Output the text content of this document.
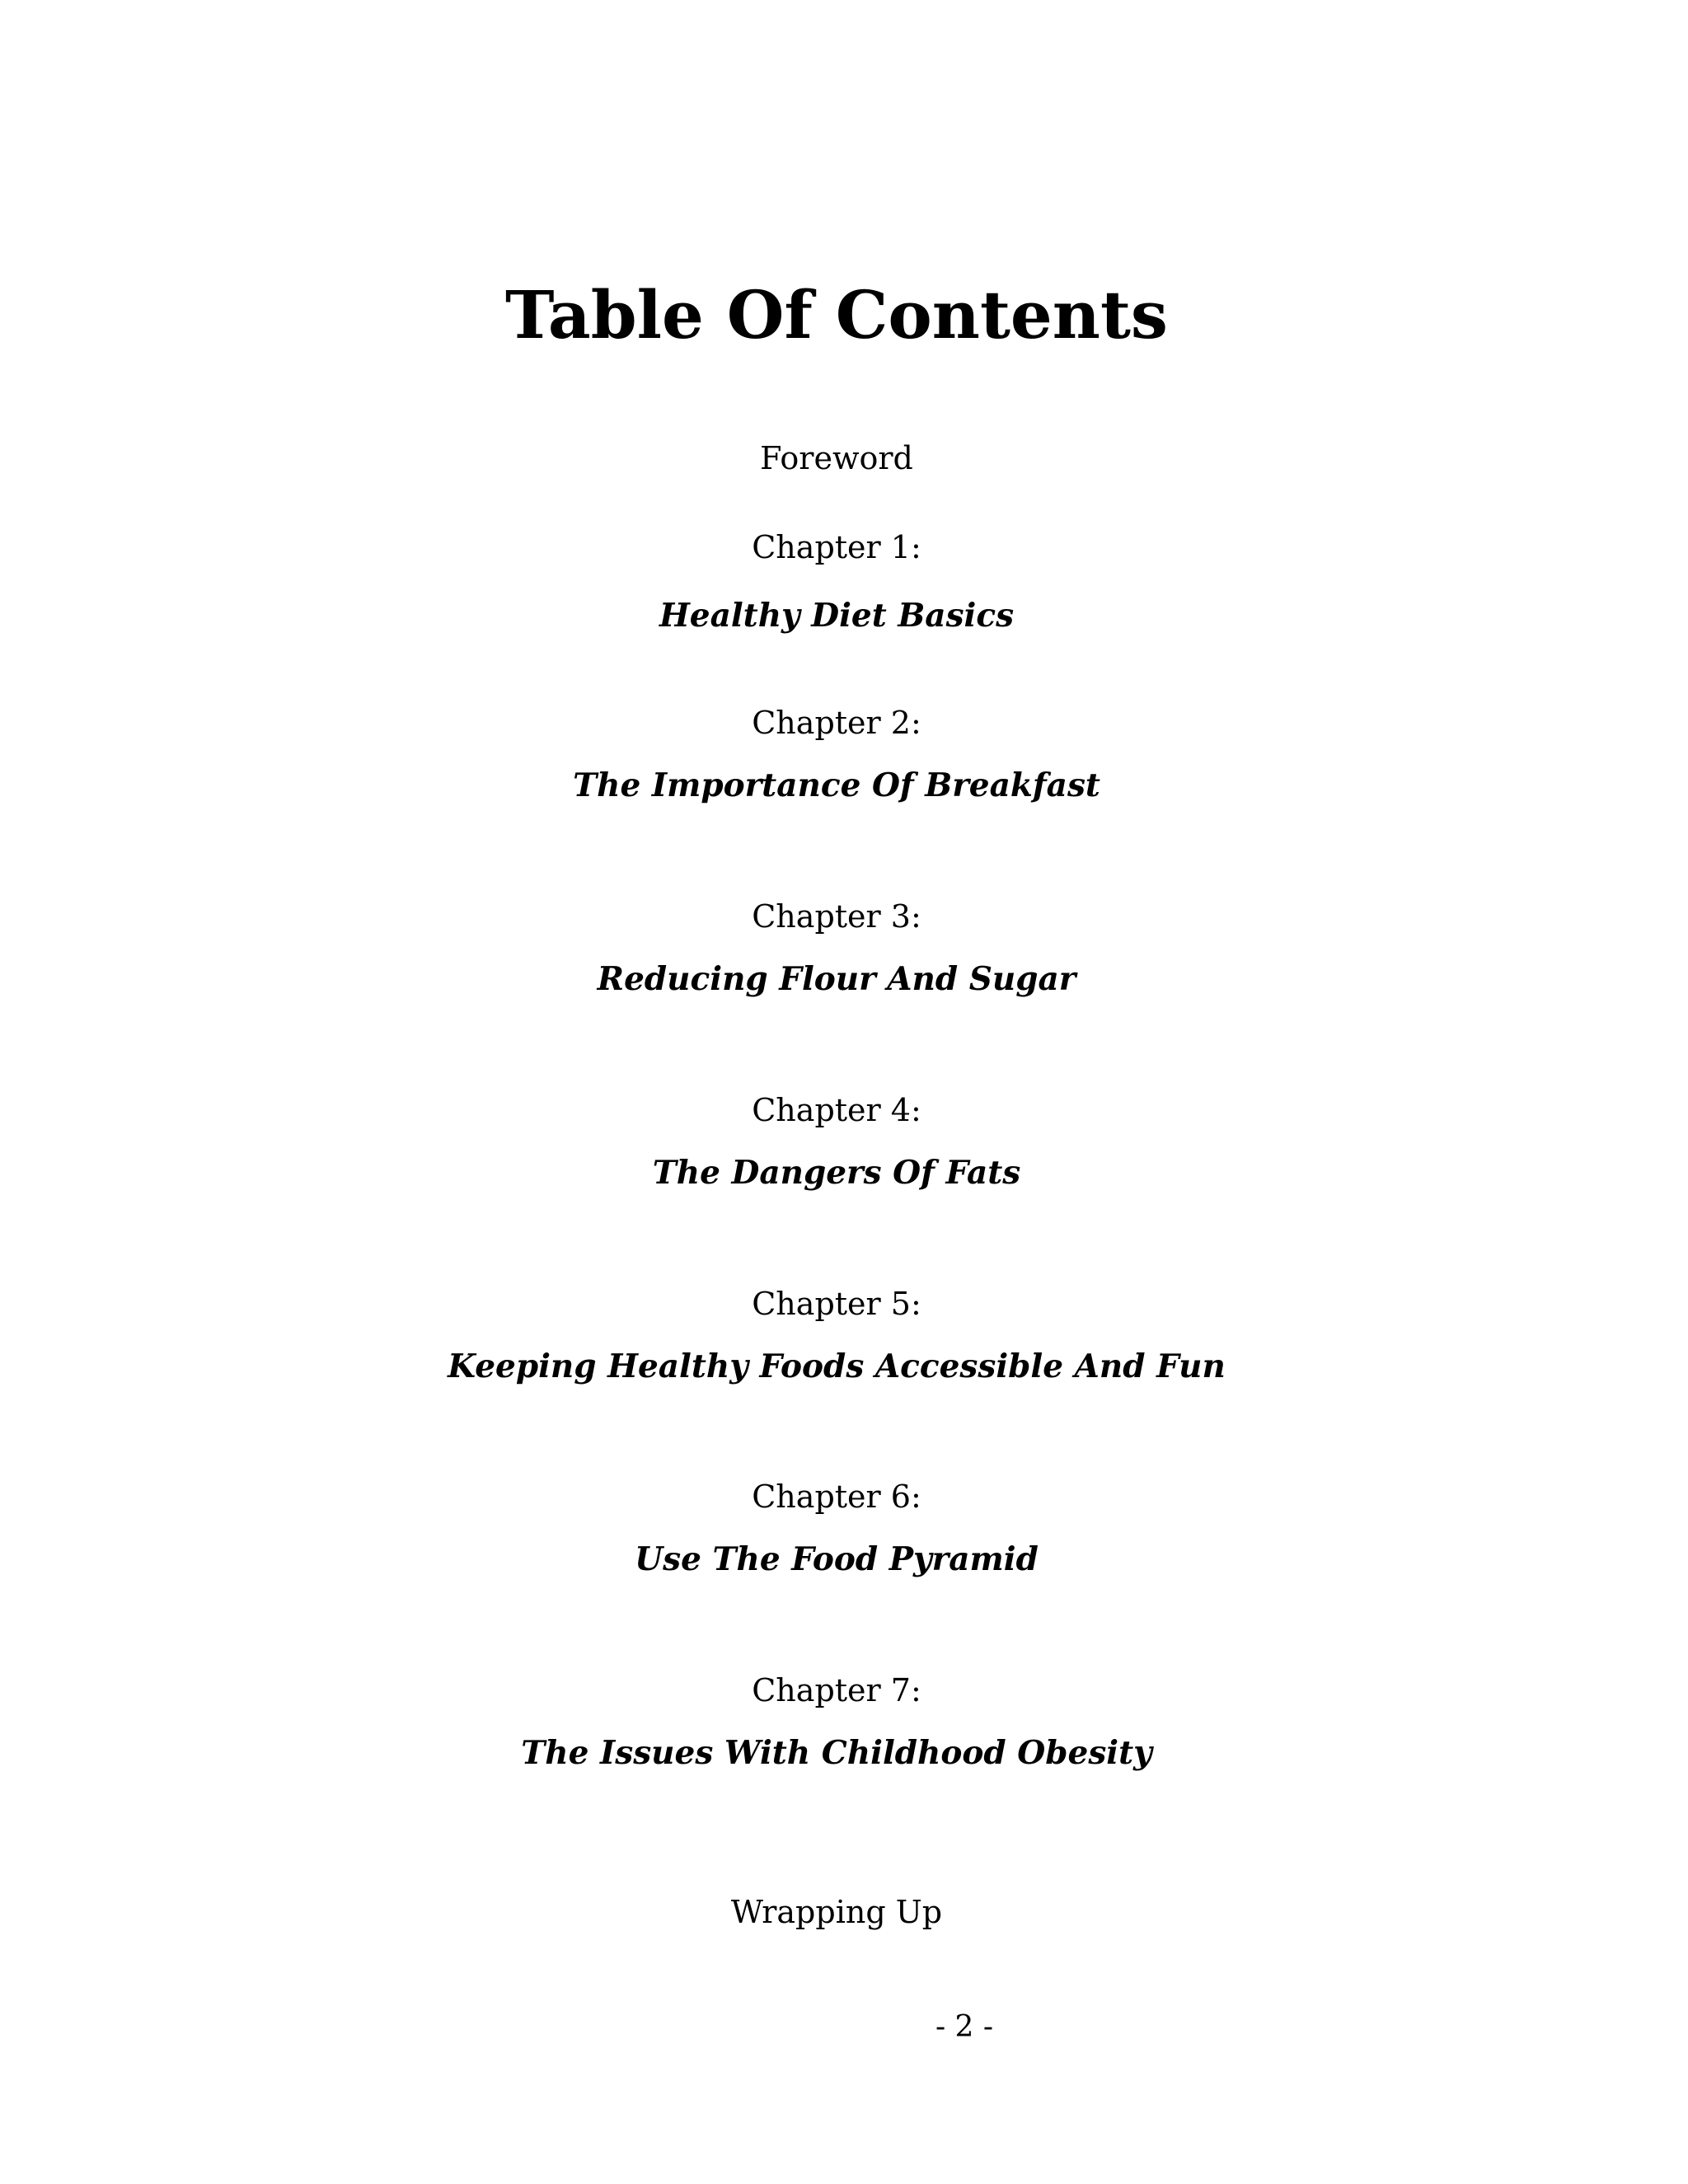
Table Of Contents
Foreword
Chapter 1:
Healthy Diet Basics
Chapter 2:
The Importance Of Breakfast
Chapter 3:
Reducing Flour And Sugar
Chapter 4:
The Dangers Of Fats
Chapter 5:
Keeping Healthy Foods Accessible And Fun
Chapter 6:
Use The Food Pyramid
Chapter 7:
The Issues With Childhood Obesity
Wrapping Up
- 2 -
